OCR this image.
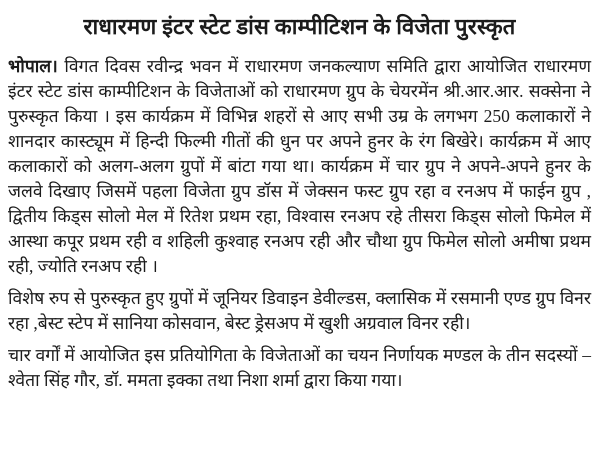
राधारमण इंटर स्टेट डांस काम्पीटिशन के विजेता पुरस्कृत

भोपाल। विगत दिवस रवीन्द्र भवन में राधारमण जनकल्याण समिति द्वारा आयोजित राधारमण इंटर स्टेट डांस काम्पीटिशन के विजेताओं को राधारमण ग्रुप के चेयरमेंन श्री.आर.आर. सक्सेना ने पुरुस्कृत किया । इस कार्यक्रम में विभिन्न शहरों से आए सभी उम्र के लगभग 250 कलाकारों ने शानदार कास्ट्यूम में हिन्दी फिल्मी गीतों की धुन पर अपने हुनर के रंग बिखेरे। कार्यक्रम में आए कलाकारों को अलग-अलग ग्रुपों में बांटा गया था। कार्यक्रम में चार ग्रुप ने अपने-अपने हुनर के जलवे दिखाए जिसमें पहला विजेता ग्रुप डॉस में जेक्सन फस्ट ग्रुप रहा व रनअप में फाईन ग्रुप , द्वितीय किड्स सोलो मेल में रितेश प्रथम रहा, विश्वास रनअप रहे तीसरा किड्स सोलो फिमेल में आस्था कपूर प्रथम रही व शहिली कुश्वाह रनअप रही और चौथा ग्रुप फिमेल सोलो अमीषा प्रथम रही, ज्योति रनअप रही ।

विशेष रुप से पुरुस्कृत हुए ग्रुपों में जूनियर डिवाइन डेवील्डस, क्लासिक में रसमानी एण्ड ग्रुप विनर रहा ,बेस्ट स्टेप में सानिया कोसवान, बेस्ट ड्रेसअप में खुशी अग्रवाल विनर रही।

चार वर्गों में आयोजित इस प्रतियोगिता के विजेताओं का चयन निर्णायक मण्डल के तीन सदस्यों – श्वेता सिंह गौर, डॉ. ममता इक्का तथा निशा शर्मा द्वारा किया गया।
